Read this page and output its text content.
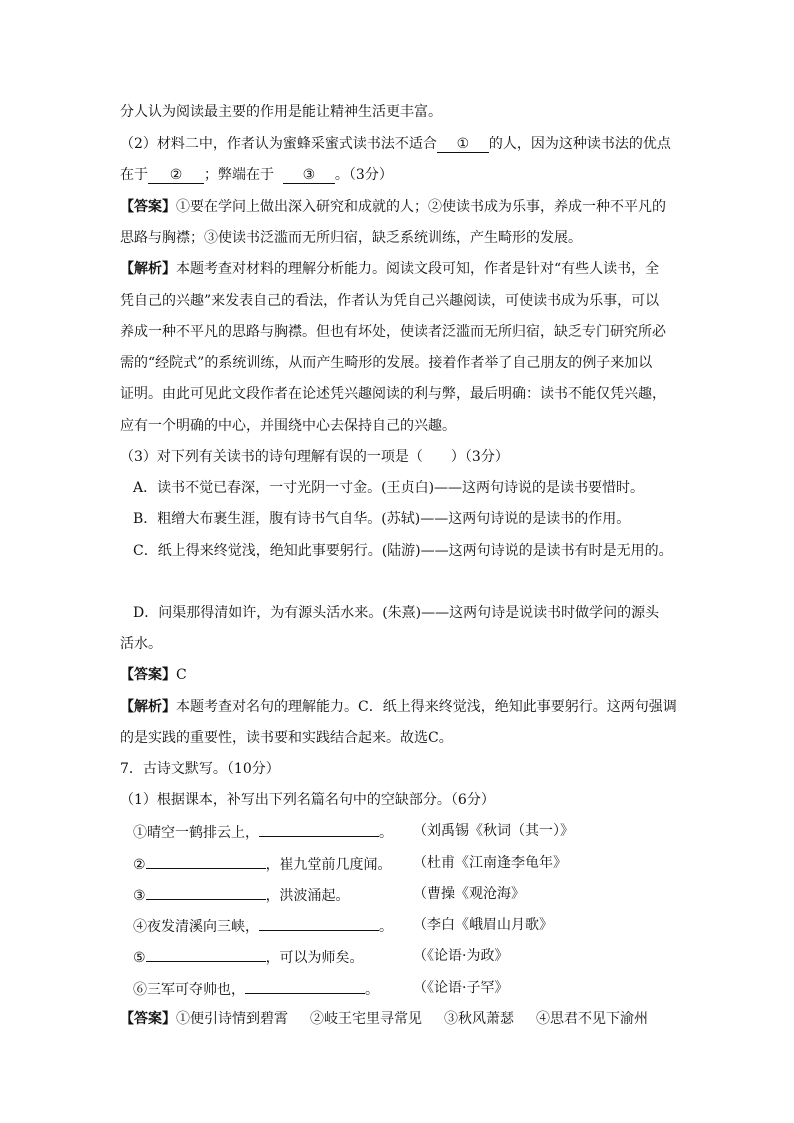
分人认为阅读最主要的作用是能让精神生活更丰富。
（2）材料二中，作者认为蜜蜂采蜜式读书法不适合 ① 的人，因为这种读书法的优点
在于 ② ；弊端在于 ③ 。（3分）
【答案】①要在学问上做出深入研究和成就的人；②使读书成为乐事，养成一种不平凡的
思路与胸襟；③使读书泛滥而无所归宿，缺乏系统训练，产生畸形的发展。
【解析】本题考查对材料的理解分析能力。阅读文段可知，作者是针对“有些人读书，全
凭自己的兴趣”来发表自己的看法，作者认为凭自己兴趣阅读，可使读书成为乐事，可以
养成一种不平凡的思路与胸襟。但也有坏处，使读者泛滥而无所归宿，缺乏专门研究所必
需的“经院式”的系统训练，从而产生畸形的发展。接着作者举了自己朋友的例子来加以
证明。由此可见此文段作者在论述凭兴趣阅读的利与弊，最后明确：读书不能仅凭兴趣，
应有一个明确的中心，并围绕中心去保持自己的兴趣。
（3）对下列有关读书的诗句理解有误的一项是（　　）（3分）
A．读书不觉已春深，一寸光阴一寸金。(王贞白)——这两句诗说的是读书要惜时。
B．粗缯大布裹生涯，腹有诗书气自华。(苏轼)——这两句诗说的是读书的作用。
C．纸上得来终觉浅，绝知此事要躬行。(陆游)——这两句诗说的是读书有时是无用的。
D．问渠那得清如许，为有源头活水来。(朱熹)——这两句诗是说读书时做学问的源头
活水。
【答案】C
【解析】本题考查对名句的理解能力。C．纸上得来终觉浅，绝知此事要躬行。这两句强调
的是实践的重要性，读书要和实践结合起来。故选C。
7．古诗文默写。（10分）
（1）根据课本，补写出下列名篇名句中的空缺部分。（6分）
①晴空一鹤排云上，	。 （刘禹锡《秋词（其一）》
②	，崔九堂前几度闻。 （杜甫《江南逢李龟年》
③	，洪波涌起。	（曹操《观沧海》
④夜发清溪向三峡，	。 （李白《峨眉山月歌》
⑤	，可以为师矣。	（《论语·为政》
⑥三军可夺帅也，	。 （《论语·子罕》
【答案】①便引诗情到碧霄 ②岐王宅里寻常见 ③秋风萧瑟 ④思君不见下渝州
